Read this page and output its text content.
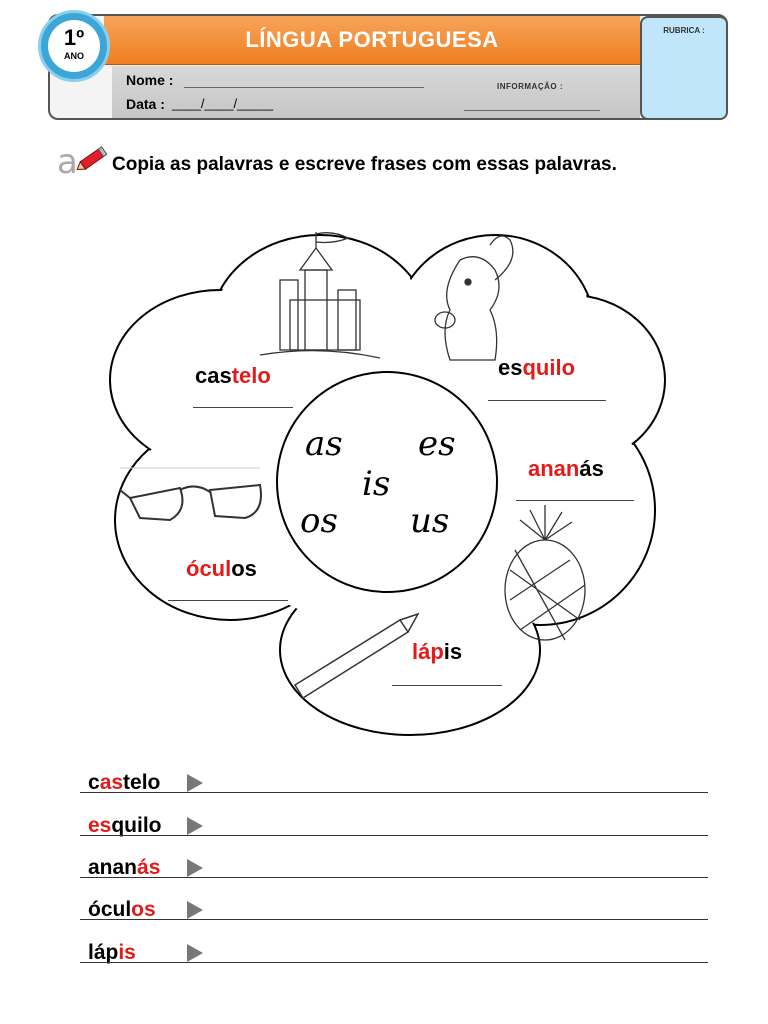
LÍNGUA PORTUGUESA	RUBRICA :
1º
ANO
Nome :
Data : ____/____/_____
INFORMAÇÃO :
a Copia as palavras e escreve frases com essas palavras.
as es
is
os us
castelo	esquilo
ananás
óculos
lápis
castelo
esquilo
ananás
óculos
lápis
